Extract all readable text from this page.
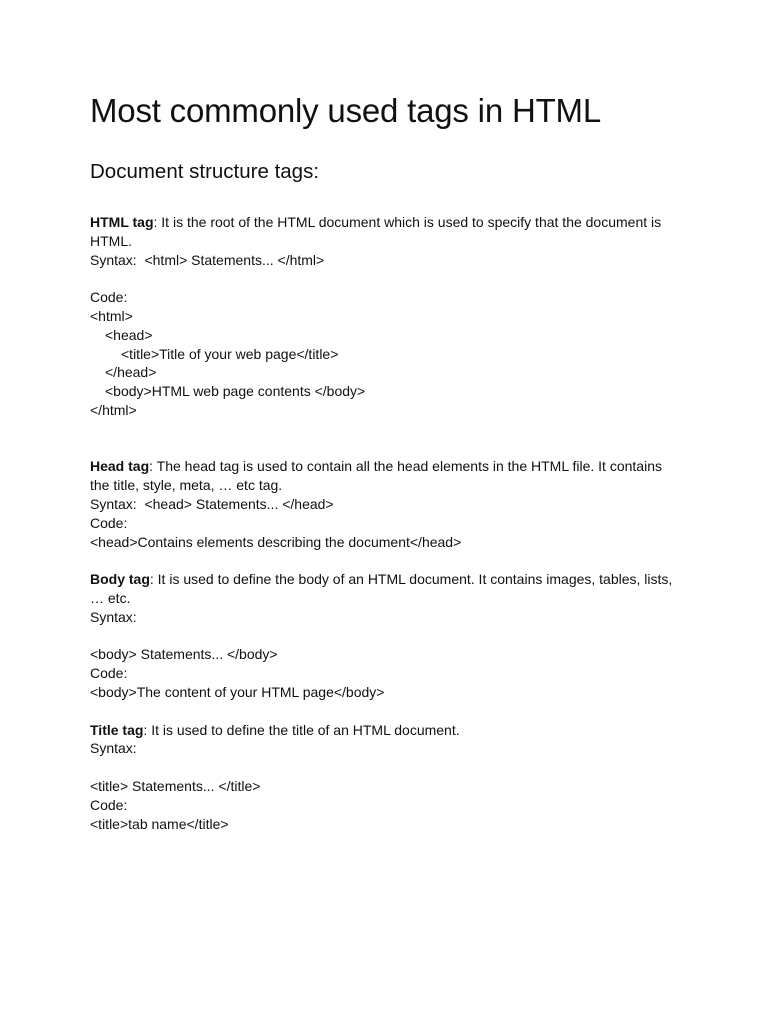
Most commonly used tags in HTML
Document structure tags:
HTML tag: It is the root of the HTML document which is used to specify that the document is HTML.
Syntax:  <html> Statements... </html>
Code:
<html>
<head>
<title>Title of your web page</title>
</head>
<body>HTML web page contents </body>
</html>
Head tag: The head tag is used to contain all the head elements in the HTML file. It contains the title, style, meta, … etc tag.
Syntax:  <head> Statements... </head>
Code:
<head>Contains elements describing the document</head>
Body tag: It is used to define the body of an HTML document. It contains images, tables, lists, … etc.
Syntax:
<body> Statements... </body>
Code:
<body>The content of your HTML page</body>
Title tag: It is used to define the title of an HTML document.
Syntax:
<title> Statements... </title>
Code:
<title>tab name</title>
